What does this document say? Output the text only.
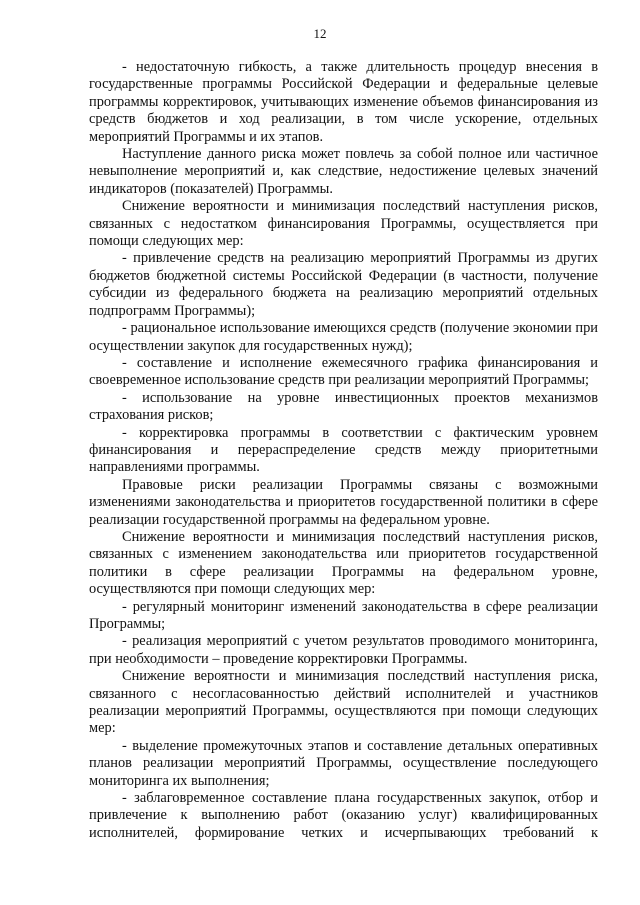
12

- недостаточную гибкость, а также длительность процедур внесения в государственные программы Российской Федерации и федеральные целевые программы корректировок, учитывающих изменение объемов финансирования из средств бюджетов и ход реализации, в том числе ускорение, отдельных мероприятий Программы и их этапов.

Наступление данного риска может повлечь за собой полное или частичное невыполнение мероприятий и, как следствие, недостижение целевых значений индикаторов (показателей) Программы.

Снижение вероятности и минимизация последствий наступления рисков, связанных с недостатком финансирования Программы, осуществляется при помощи следующих мер:

- привлечение средств на реализацию мероприятий Программы из других бюджетов бюджетной системы Российской Федерации (в частности, получение субсидии из федерального бюджета на реализацию мероприятий отдельных подпрограмм Программы);

- рациональное использование имеющихся средств (получение экономии при осуществлении закупок для государственных нужд);

- составление и исполнение ежемесячного графика финансирования и своевременное использование средств при реализации мероприятий Программы;

- использование на уровне инвестиционных проектов механизмов страхования рисков;

- корректировка программы в соответствии с фактическим уровнем финансирования и перераспределение средств между приоритетными направлениями программы.

Правовые риски реализации Программы связаны с возможными изменениями законодательства и приоритетов государственной политики в сфере реализации государственной программы на федеральном уровне.

Снижение вероятности и минимизация последствий наступления рисков, связанных с изменением законодательства или приоритетов государственной политики в сфере реализации Программы на федеральном уровне, осуществляются при помощи следующих мер:

- регулярный мониторинг изменений законодательства в сфере реализации Программы;

- реализация мероприятий с учетом результатов проводимого мониторинга, при необходимости – проведение корректировки Программы.

Снижение вероятности и минимизация последствий наступления риска, связанного с несогласованностью действий исполнителей и участников реализации мероприятий Программы, осуществляются при помощи следующих мер:

- выделение промежуточных этапов и составление детальных оперативных планов реализации мероприятий Программы, осуществление последующего мониторинга их выполнения;

- заблаговременное составление плана государственных закупок, отбор и привлечение к выполнению работ (оказанию услуг) квалифицированных исполнителей, формирование четких и исчерпывающих требований к
